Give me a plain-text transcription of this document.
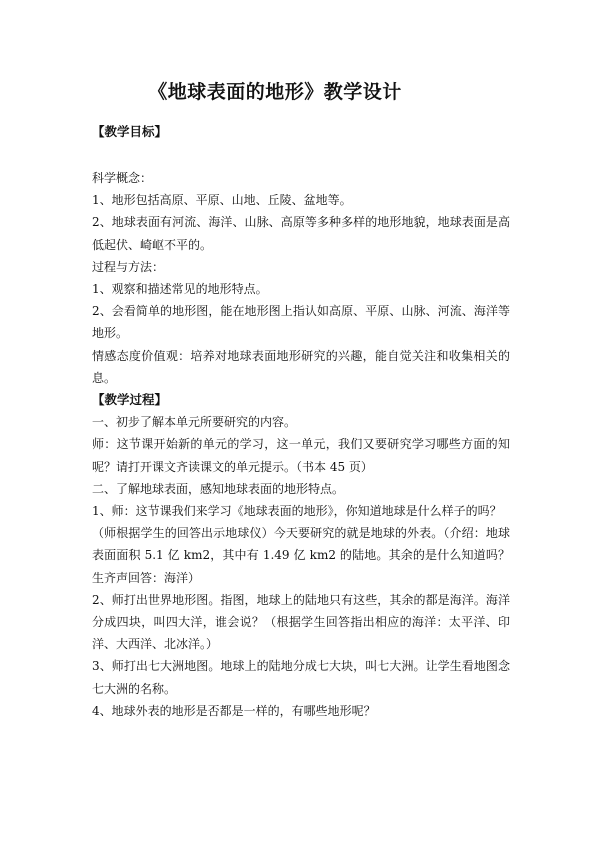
《地球表面的地形》教学设计
【教学目标】
科学概念：
1、地形包括高原、平原、山地、丘陵、盆地等。
2、地球表面有河流、海洋、山脉、高原等多种多样的地形地貌，地球表面是高
低起伏、崎岖不平的。
过程与方法：
1、观察和描述常见的地形特点。
2、会看简单的地形图，能在地形图上指认如高原、平原、山脉、河流、海洋等
地形。
情感态度价值观：培养对地球表面地形研究的兴趣，能自觉关注和收集相关的
息。
【教学过程】
一、初步了解本单元所要研究的内容。
师：这节课开始新的单元的学习，这一单元，我们又要研究学习哪些方面的知
呢？请打开课文齐读课文的单元提示。（书本 45 页）
二、了解地球表面，感知地球表面的地形特点。
1、师：这节课我们来学习《地球表面的地形》，你知道地球是什么样子的吗？
（师根据学生的回答出示地球仪）今天要研究的就是地球的外表。（介绍：地球
表面面积 5.1 亿 km2，其中有 1.49 亿 km2 的陆地。其余的是什么知道吗？
生齐声回答：海洋）
2、师打出世界地形图。指图，地球上的陆地只有这些，其余的都是海洋。海洋
分成四块，叫四大洋，谁会说？（根据学生回答指出相应的海洋：太平洋、印
洋、大西洋、北冰洋。）
3、师打出七大洲地图。地球上的陆地分成七大块，叫七大洲。让学生看地图念
七大洲的名称。
4、地球外表的地形是否都是一样的，有哪些地形呢？
